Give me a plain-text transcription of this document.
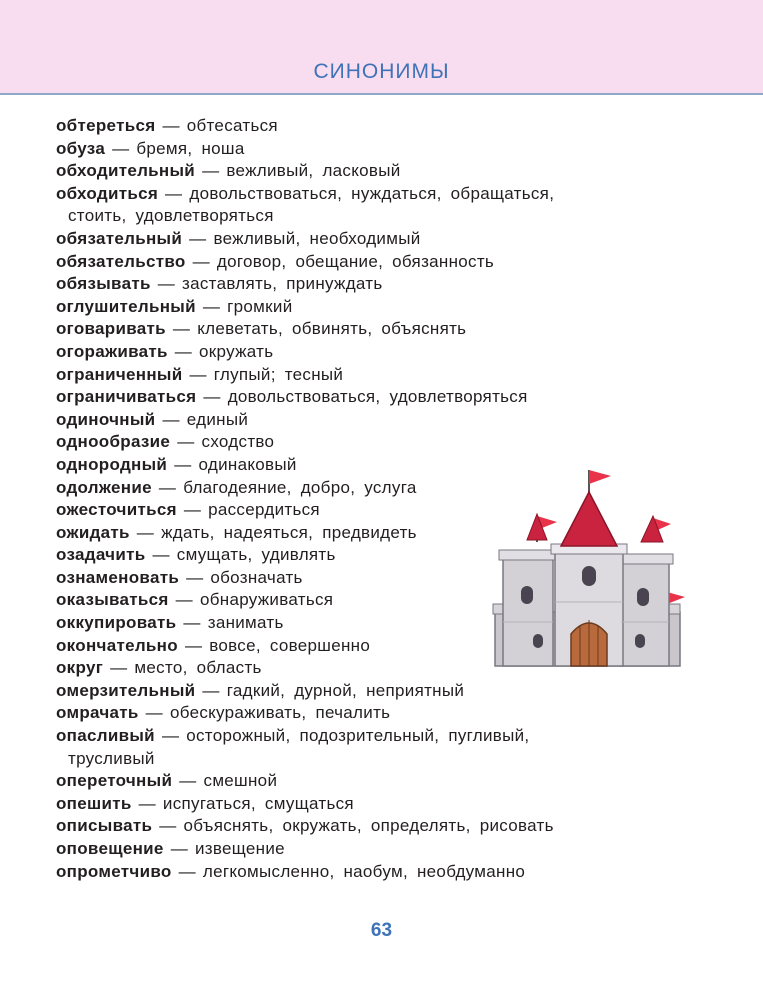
СИНОНИМЫ
обтереться — обтесаться
обуза — бремя, ноша
обходительный — вежливый, ласковый
обходиться — довольствоваться, нуждаться, обращаться,
стоить, удовлетворяться
обязательный — вежливый, необходимый
обязательство — договор, обещание, обязанность
обязывать — заставлять, принуждать
оглушительный — громкий
оговаривать — клеветать, обвинять, объяснять
огораживать — окружать
ограниченный — глупый; тесный
ограничиваться — довольствоваться, удовлетворяться
одиночный — единый
однообразие — сходство
однородный — одинаковый
одолжение — благодеяние, добро, услуга
ожесточиться — рассердиться
ожидать — ждать, надеяться, предвидеть
озадачить — смущать, удивлять
ознаменовать — обозначать
оказываться — обнаруживаться
оккупировать — занимать
окончательно — вовсе, совершенно
округ — место, область
омерзительный — гадкий, дурной, неприятный
омрачать — обескураживать, печалить
опасливый — осторожный, подозрительный, пугливый,
трусливый
опереточный — смешной
опешить — испугаться, смущаться
описывать — объяснять, окружать, определять, рисовать
оповещение — извещение
опрометчиво — легкомысленно, наобум, необдуманно
63
